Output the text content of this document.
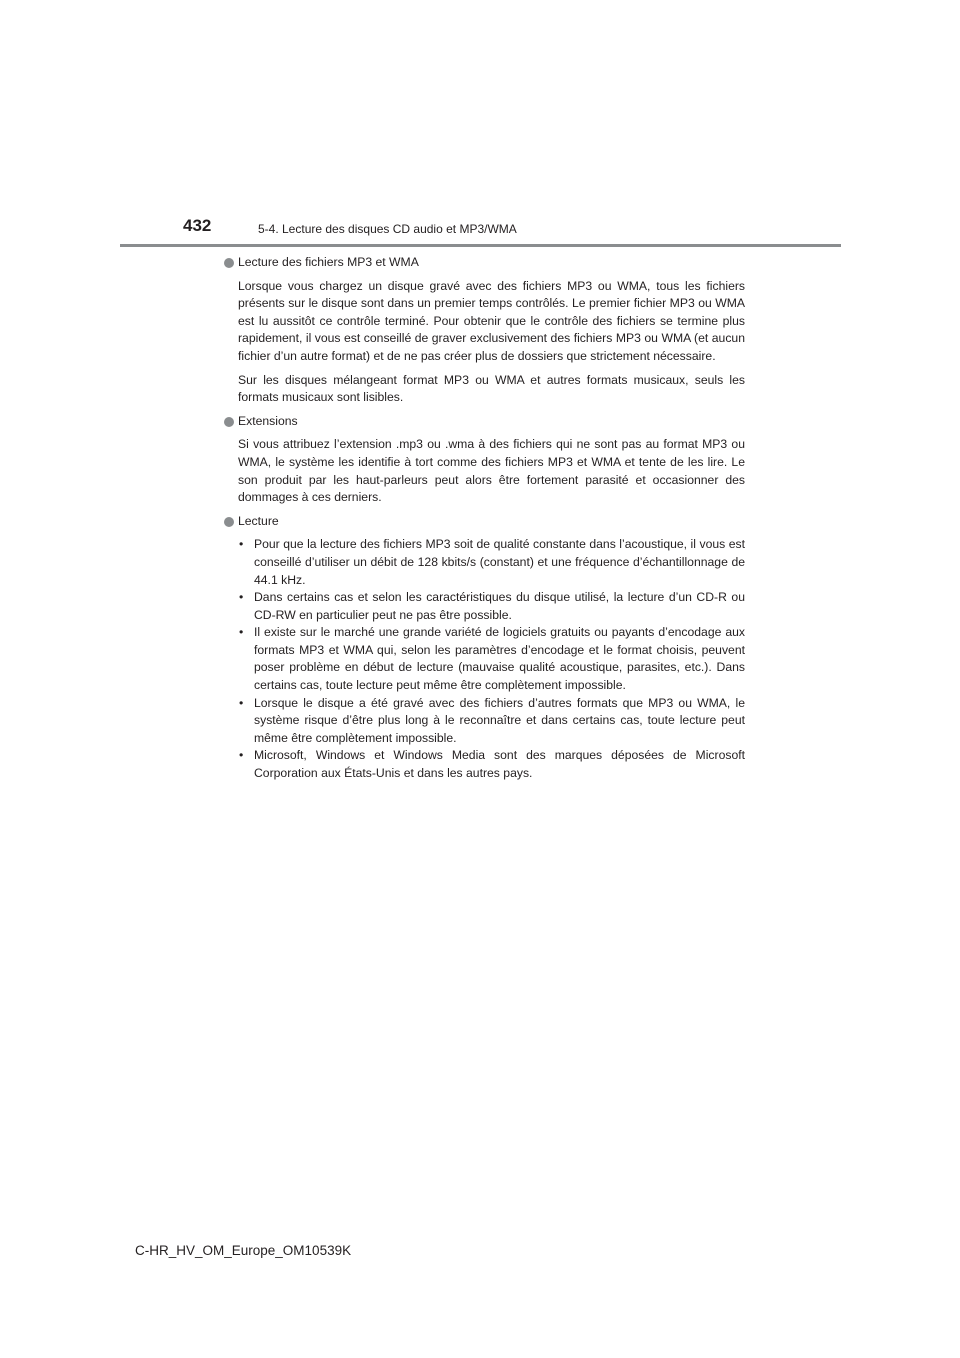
432	5-4. Lecture des disques CD audio et MP3/WMA
Lecture des fichiers MP3 et WMA
Lorsque vous chargez un disque gravé avec des fichiers MP3 ou WMA, tous les fichiers présents sur le disque sont dans un premier temps contrôlés. Le premier fichier MP3 ou WMA est lu aussitôt ce contrôle terminé. Pour obtenir que le contrôle des fichiers se termine plus rapidement, il vous est conseillé de graver exclusivement des fichiers MP3 ou WMA (et aucun fichier d’un autre format) et de ne pas créer plus de dossiers que strictement nécessaire.
Sur les disques mélangeant format MP3 ou WMA et autres formats musicaux, seuls les formats musicaux sont lisibles.
Extensions
Si vous attribuez l’extension .mp3 ou .wma à des fichiers qui ne sont pas au format MP3 ou WMA, le système les identifie à tort comme des fichiers MP3 et WMA et tente de les lire. Le son produit par les haut-parleurs peut alors être fortement parasité et occasionner des dommages à ces derniers.
Lecture
• Pour que la lecture des fichiers MP3 soit de qualité constante dans l’acoustique, il vous est conseillé d’utiliser un débit de 128 kbits/s (constant) et une fréquence d’échantillonnage de 44.1 kHz.
• Dans certains cas et selon les caractéristiques du disque utilisé, la lecture d’un CD-R ou CD-RW en particulier peut ne pas être possible.
• Il existe sur le marché une grande variété de logiciels gratuits ou payants d’encodage aux formats MP3 et WMA qui, selon les paramètres d’encodage et le format choisis, peuvent poser problème en début de lecture (mauvaise qualité acoustique, parasites, etc.). Dans certains cas, toute lecture peut même être complètement impossible.
• Lorsque le disque a été gravé avec des fichiers d’autres formats que MP3 ou WMA, le système risque d’être plus long à le reconnaître et dans certains cas, toute lecture peut même être complètement impossible.
• Microsoft, Windows et Windows Media sont des marques déposées de Microsoft Corporation aux États-Unis et dans les autres pays.
C-HR_HV_OM_Europe_OM10539K
